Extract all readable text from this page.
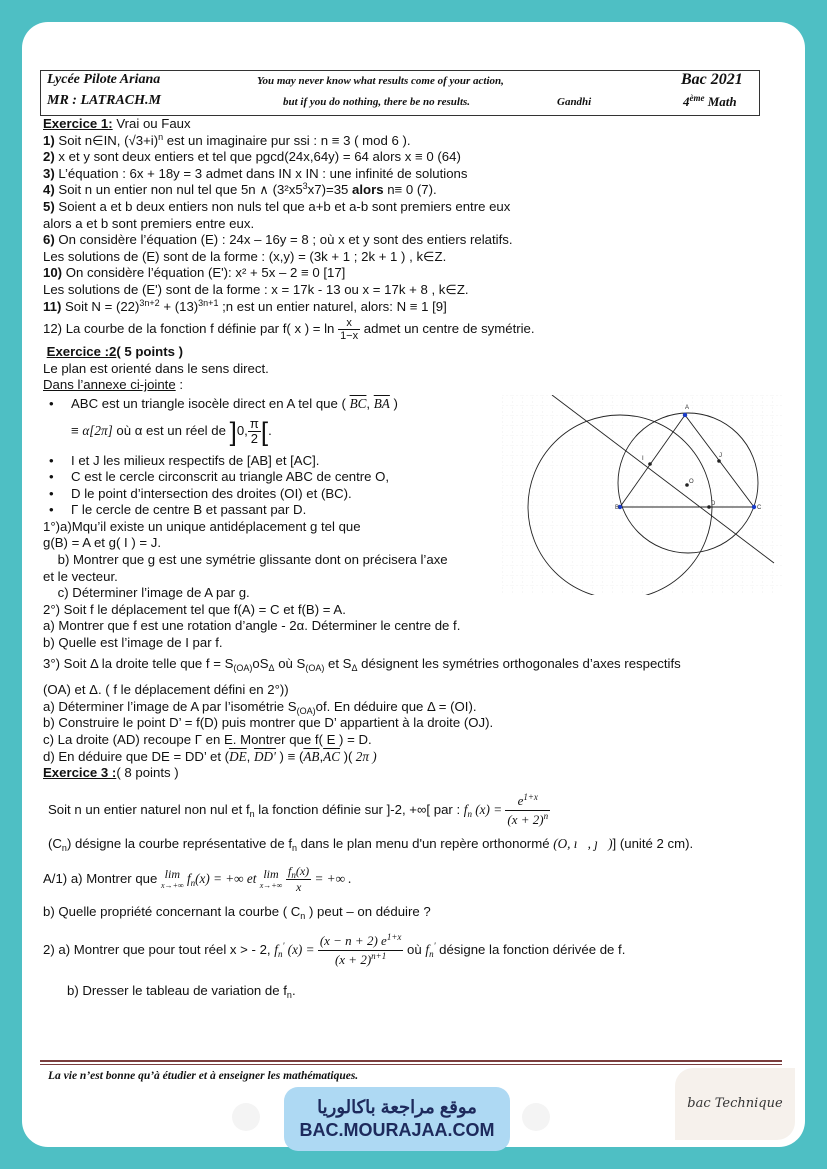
Lycée Pilote Ariana
MR : LATRACH.M
You may never know what results come of your action,
but if you do nothing, there be no results.	Gandhi
Bac 2021
4ème Math
Exercice 1: Vrai ou Faux
1) Soit n∈IN, $(√3+i)^n$ est un imaginaire pur ssi : n ≡ 3 ( mod 6 ).
2) x et y sont deux entiers et tel que pgcd(24x,64y) = 64 alors x ≡ 0 (64)
3) L’équation : 6x + 18y = 3 admet dans IN x IN : une infinité de solutions
4) Soit n un entier non nul tel que 5n ∧ $(3^2x5^3x7)=35$ alors n≡ 0 (7).
5) Soient a et b deux entiers non nuls tel que a+b et a-b sont premiers entre eux
alors a et b sont premiers entre eux.
6) On considère l’équation (E) : 24x – 16y = 8 ; où x et y sont des entiers relatifs.
Les solutions de (E) sont de la forme : (x,y) = (3k + 1 ; 2k + 1 ) , k∈Z.
10) On considère l’équation (E'): x² + 5x – 2 ≡ 0 [17]
Les solutions de (E') sont de la forme : x = 17k - 13 ou x = 17k + 8 , k∈Z.
11) Soit $N = (22)^{3n+2} + (13)^{3n+1}$ ;n est un entier naturel, alors: N ≡ 1 [9]
12) La courbe de la fonction f définie par f( x ) = $\ln \frac{x}{1-x}$ admet un centre de symétrie.
Exercice :2( 5 points )
Le plan est orienté dans le sens direct.
Dans l’annexe ci-jointe :
• ABC est un triangle isocèle direct en A tel que ( $\overline{BC}$, $\overline{BA}$ )
≡ α[2π] où α est un réel de ]0, $\frac{\pi}{2}$ [.
• I et J les milieux respectifs de [AB] et [AC].
• C est le cercle circonscrit au triangle ABC de centre O,
• D le point d’intersection des droites (OI) et (BC).
• Γ le cercle de centre B et passant par D.
1°)a)Mqu’il existe un unique antidéplacement g tel que
g(B) = A et g( I ) = J.
b) Montrer que g est une symétrie glissante dont on précisera l’axe
et le vecteur.
c) Déterminer l’image de A par g.
2°) Soit f le déplacement tel que f(A) = C et f(B) = A.
a) Montrer que f est une rotation d’angle - 2α. Déterminer le centre de f.
b) Quelle est l’image de I par f.
3°) Soit Δ la droite telle que $f = S_{(OA)}oS_\Delta$ où $S_{(OA)}$ et $S_\Delta$ désignent les symétries orthogonales d’axes respectifs
(OA) et Δ. ( f le déplacement défini en 2°))
a) Déterminer l’image de A par l’isométrie $S_{(OA)}of$. En déduire que Δ = (OI).
b) Construire le point D’ = f(D) puis montrer que D’ appartient à la droite (OJ).
c) La droite (AD) recoupe Γ en E. Montrer que f( E ) = D.
d) En déduire que DE = DD’ et ($\overline{DE}$, DD' ) ≡ ($\overline{AB},\overline{AC}$ )( 2π )
Exercice 3 :( 8 points )
Soit n un entier naturel non nul et $f_n$ la fonction définie sur ]-2, +∞[ par : $f_n$ $(x) = \frac{e^{1+x}}{(x + 2)^n}$
$(C_n)$ désigne la courbe représentative de $f_n$ dans le plan menu d'un repère orthonormé (O, ı⃗, ȷ⃗)] (unité 2 cm).
A/1) a) Montrer que lim
x→+∞ $f_n(x)$ = +∞ et lim
x→+∞
$\frac{f_n(x)}{x}$ = +∞ .
b) Quelle propriété concernant la courbe ( $C_n$ ) peut – on déduire ?
2) a) Montrer que pour tout réel x > - 2, $f_n'$ $(x) = \frac{(x - n + 2) e^{1+x}}{(x + 2)^{n+1}}$ où $f_n'$ désigne la fonction dérivée de f.
b) Dresser le tableau de variation de $f_n$.
A
B	C
I	J
O
D
La vie n’est bonne qu’à étudier et à enseigner les mathématiques.
موقع مراجعة باكالوريا
BAC.MOURAJAA.COM
bac Technique
